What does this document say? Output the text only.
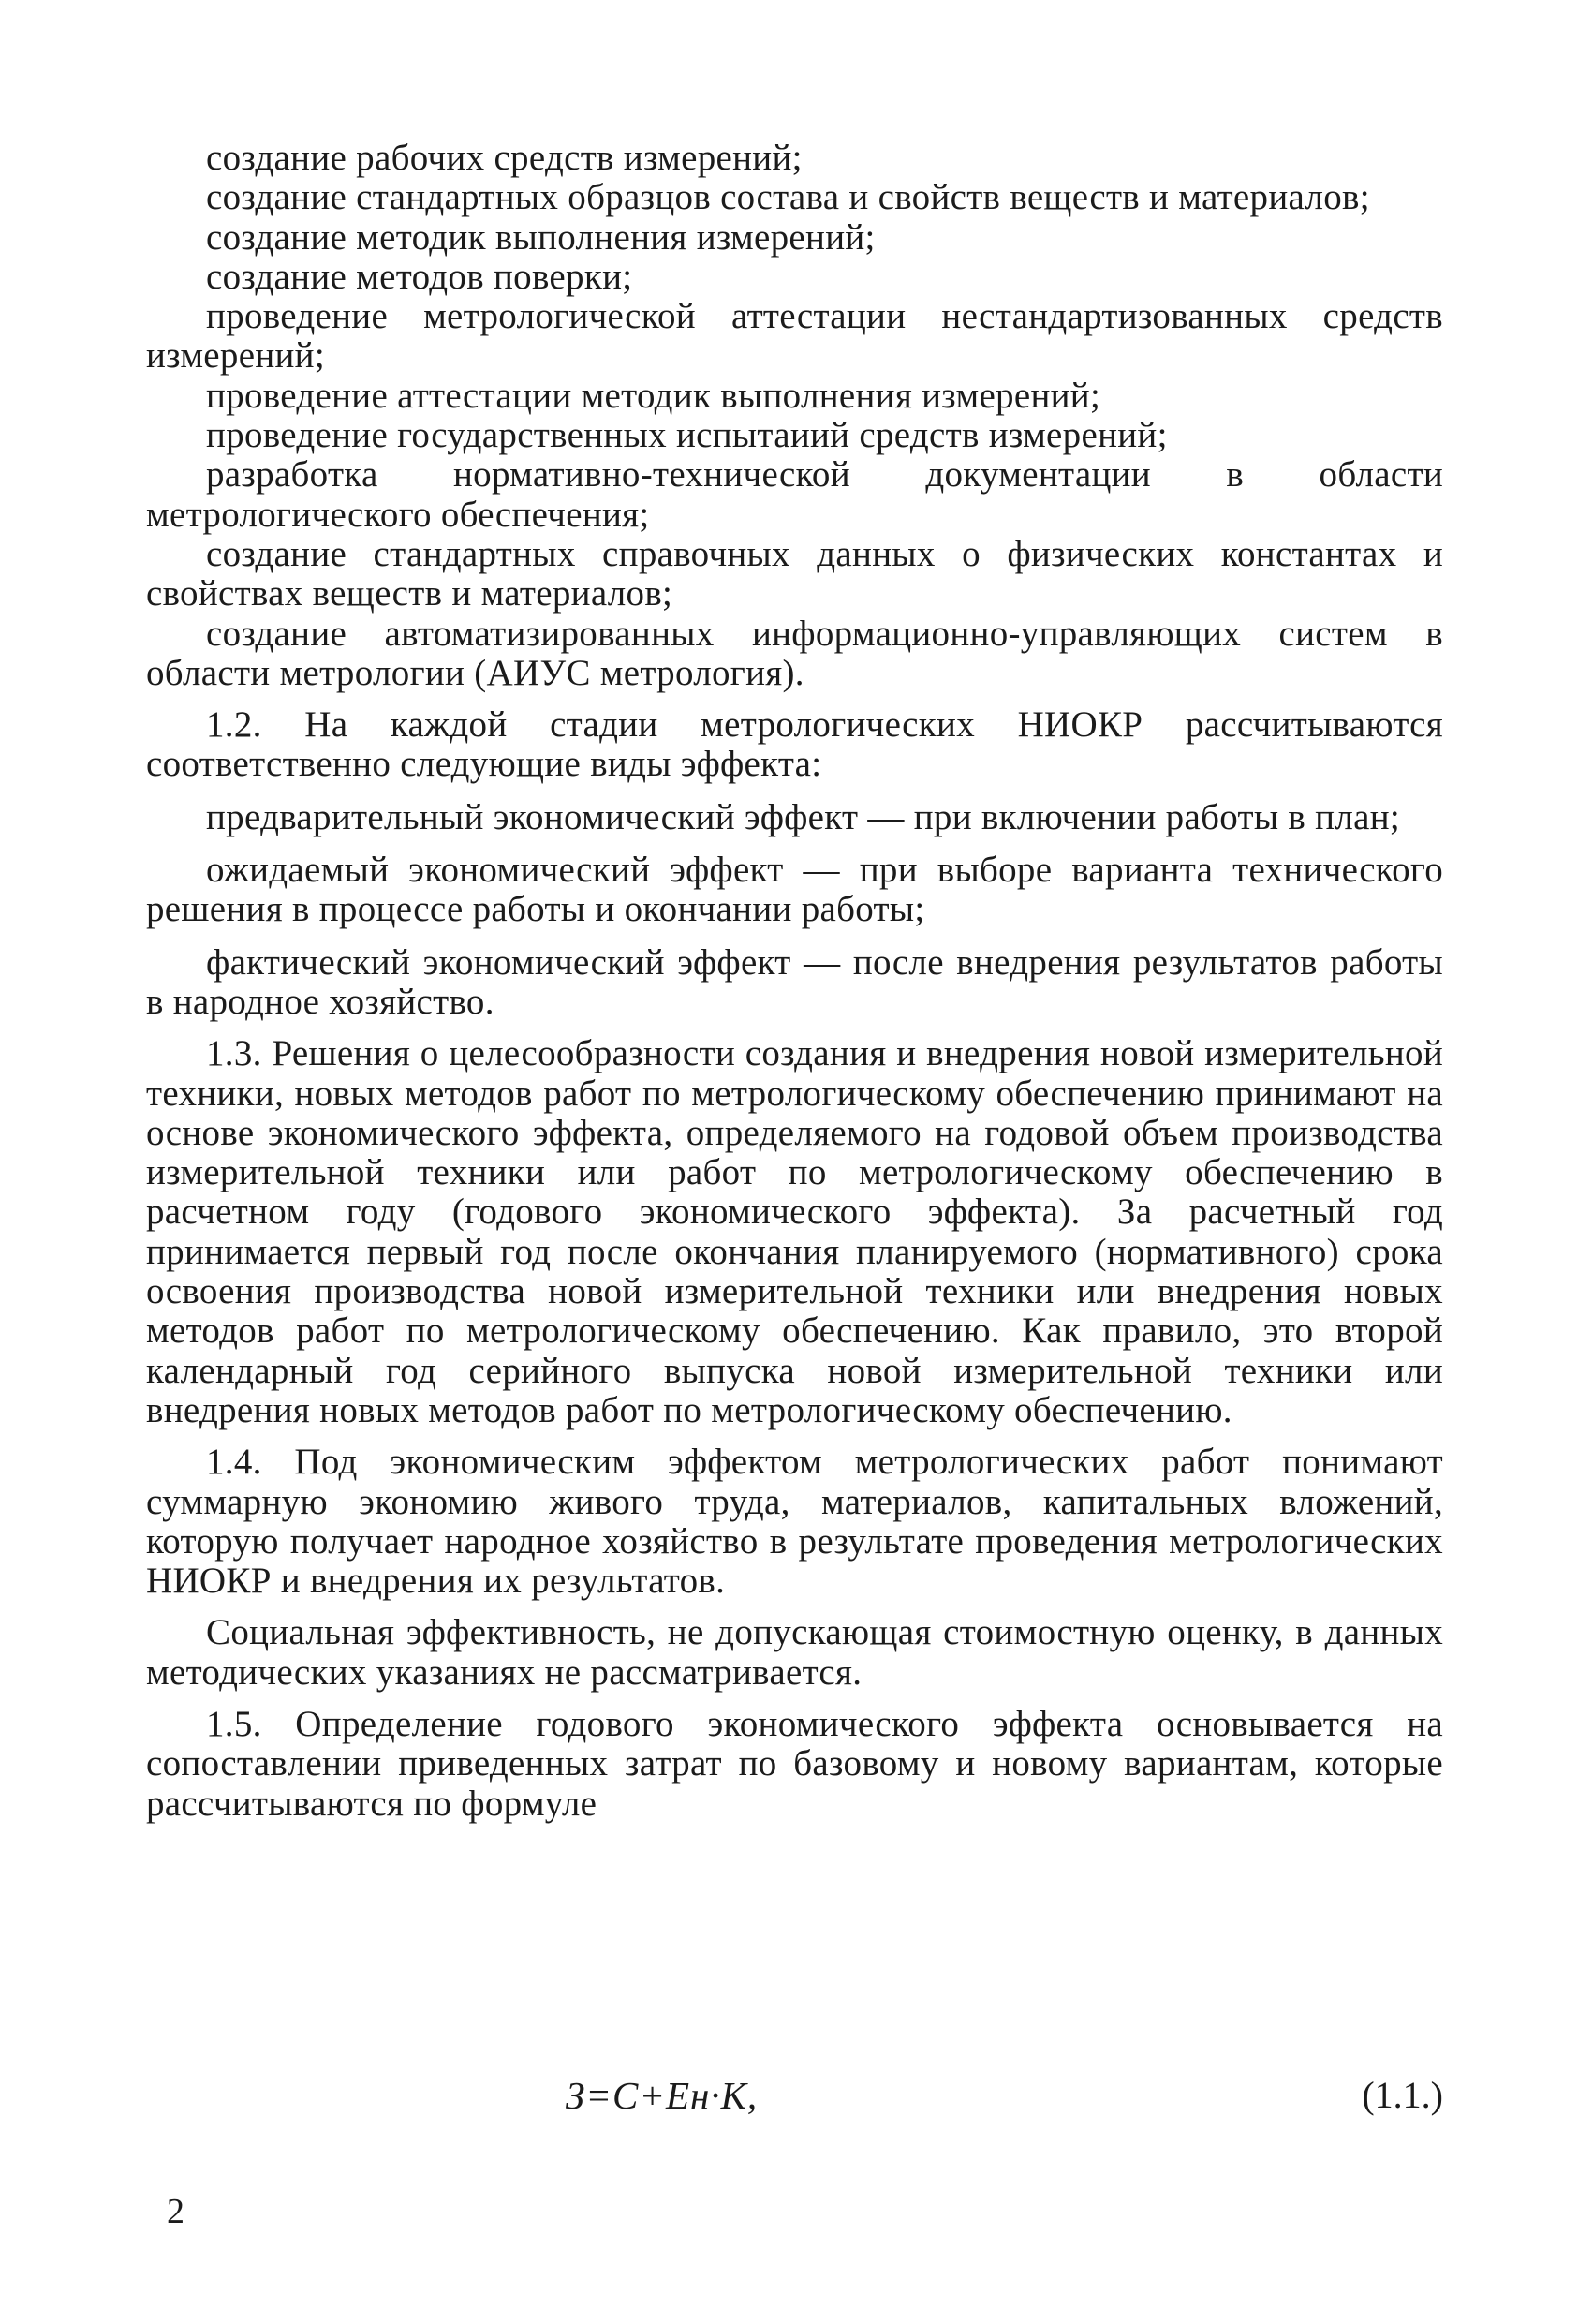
создание рабочих средств измерений;

создание стандартных образцов состава и свойств веществ и материалов;

создание методик выполнения измерений;

создание методов поверки;

проведение метрологической аттестации нестандартизованных средств измерений;

проведение аттестации методик выполнения измерений;

проведение государственных испытаиий средств измерений;

разработка нормативно-технической документации в области метрологического обеспечения;

создание стандартных справочных данных о физических константах и свойствах веществ и материалов;

создание автоматизированных информационно-управляющих систем в области метрологии (АИУС метрология).

1.2. На каждой стадии метрологических НИОКР рассчитываются соответственно следующие виды эффекта:

предварительный экономический эффект — при включении работы в план;

ожидаемый экономический эффект — при выборе варианта технического решения в процессе работы и окончании работы;

фактический экономический эффект — после внедрения результатов работы в народное хозяйство.

1.3. Решения о целесообразности создания и внедрения новой измерительной техники, новых методов работ по метрологическому обеспечению принимают на основе экономического эффекта, определяемого на годовой объем производства измерительной техники или работ по метрологическому обеспечению в расчетном году (годового экономического эффекта). За расчетный год принимается первый год после окончания планируемого (нормативного) срока освоения производства новой измерительной техники или внедрения новых методов работ по метрологическому обеспечению. Как правило, это второй календарный год серийного выпуска новой измерительной техники или внедрения новых методов работ по метрологическому обеспечению.

1.4. Под экономическим эффектом метрологических работ понимают суммарную экономию живого труда, материалов, капитальных вложений, которую получает народное хозяйство в результате проведения метрологических НИОКР и внедрения их результатов.

Социальная эффективность, не допускающая стоимостную оценку, в данных методических указаниях не рассматривается.

1.5. Определение годового экономического эффекта основывается на сопоставлении приведенных затрат по базовому и новому вариантам, которые рассчитываются по формуле

З=С+Ен·К,	(1.1.)
2
